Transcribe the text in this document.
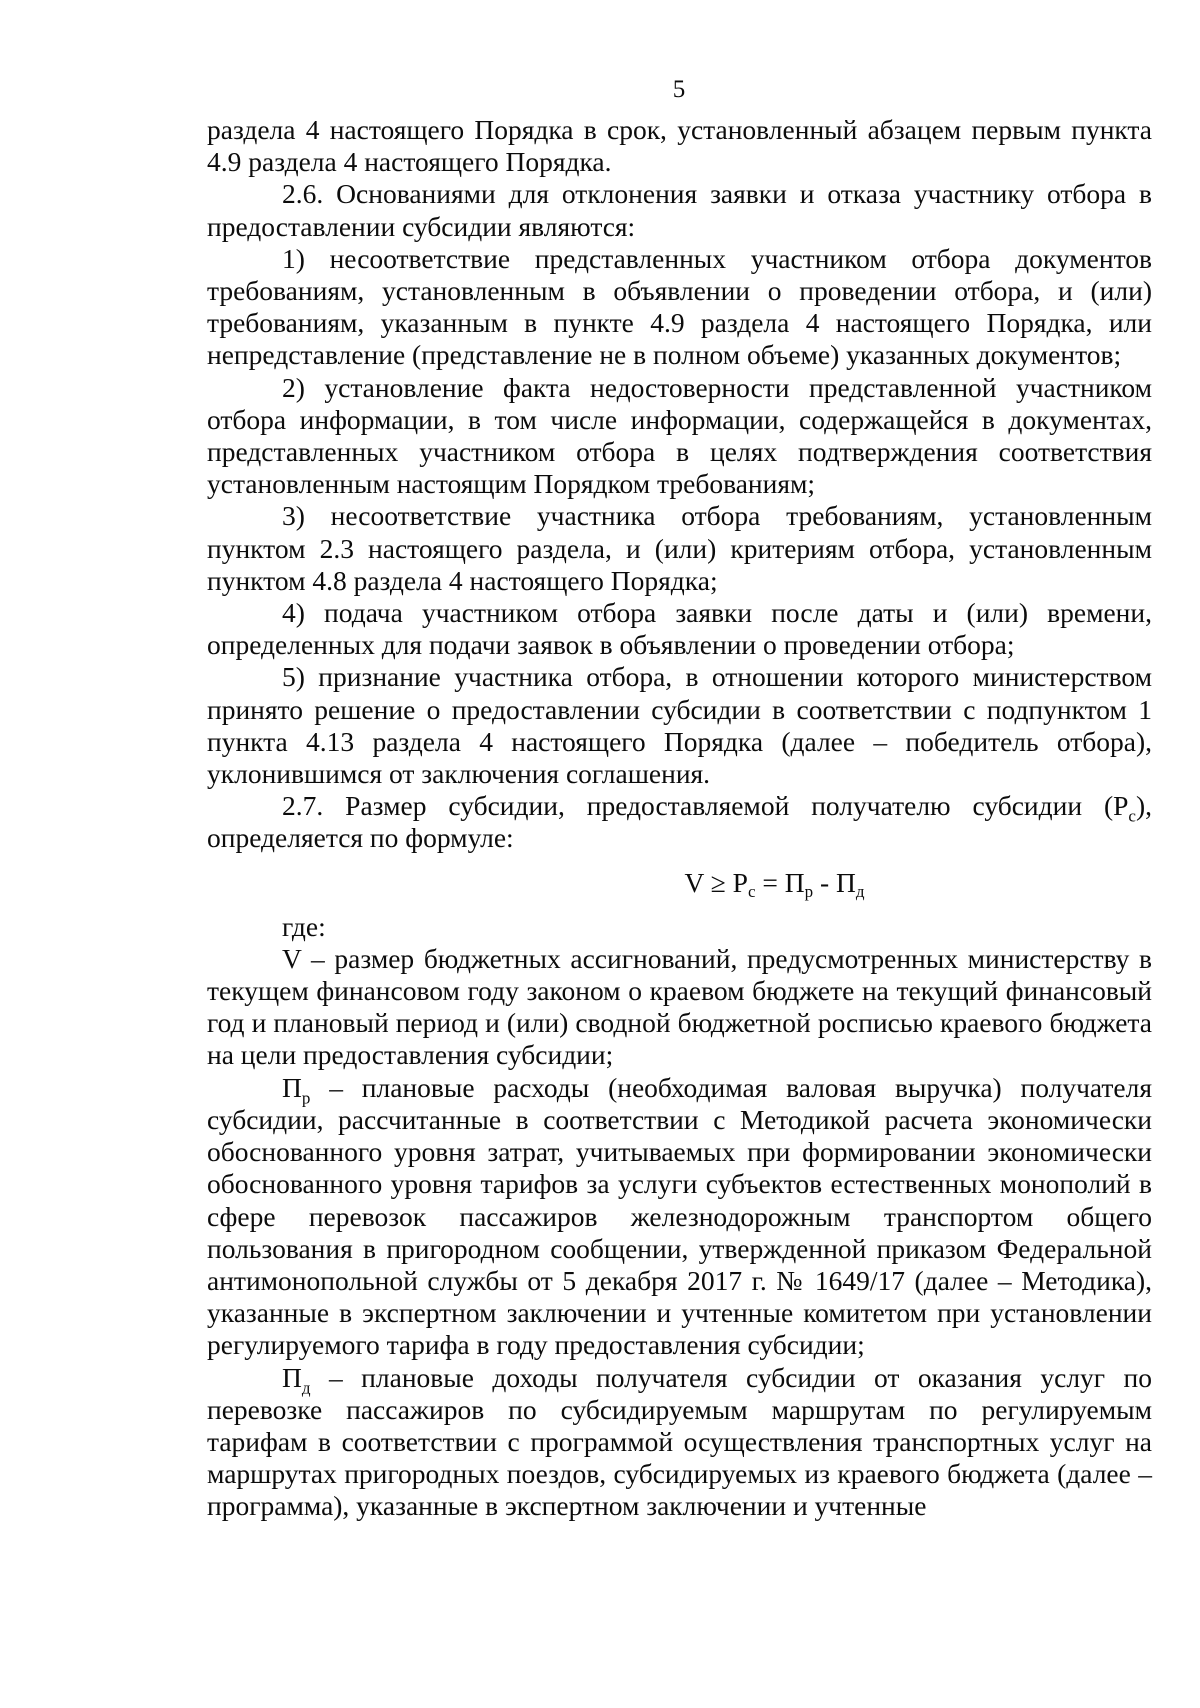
5

раздела 4 настоящего Порядка в срок, установленный абзацем первым пункта 4.9 раздела 4 настоящего Порядка.

2.6. Основаниями для отклонения заявки и отказа участнику отбора в предоставлении субсидии являются:

1) несоответствие представленных участником отбора документов требованиям, установленным в объявлении о проведении отбора, и (или) требованиям, указанным в пункте 4.9 раздела 4 настоящего Порядка, или непредставление (представление не в полном объеме) указанных документов;

2) установление факта недостоверности представленной участником отбора информации, в том числе информации, содержащейся в документах, представленных участником отбора в целях подтверждения соответствия установленным настоящим Порядком требованиям;

3) несоответствие участника отбора требованиям, установленным пунктом 2.3 настоящего раздела, и (или) критериям отбора, установленным пунктом 4.8 раздела 4 настоящего Порядка;

4) подача участником отбора заявки после даты и (или) времени, определенных для подачи заявок в объявлении о проведении отбора;

5) признание участника отбора, в отношении которого министерством принято решение о предоставлении субсидии в соответствии с подпунктом 1 пункта 4.13 раздела 4 настоящего Порядка (далее – победитель отбора), уклонившимся от заключения соглашения.

2.7. Размер субсидии, предоставляемой получателю субсидии $(Р_с)$, определяется по формуле:

$V \ge Р_с = П_р - П_д$

где:

V – размер бюджетных ассигнований, предусмотренных министерству в текущем финансовом году законом о краевом бюджете на текущий финансовый год и плановый период и (или) сводной бюджетной росписью краевого бюджета на цели предоставления субсидии;

$П_р$ – плановые расходы (необходимая валовая выручка) получателя субсидии, рассчитанные в соответствии с Методикой расчета экономически обоснованного уровня затрат, учитываемых при формировании экономически обоснованного уровня тарифов за услуги субъектов естественных монополий в сфере перевозок пассажиров железнодорожным транспортом общего пользования в пригородном сообщении, утвержденной приказом Федеральной антимонопольной службы от 5 декабря 2017 г. № 1649/17 (далее – Методика), указанные в экспертном заключении и учтенные комитетом при установлении регулируемого тарифа в году предоставления субсидии;

$П_д$ – плановые доходы получателя субсидии от оказания услуг по перевозке пассажиров по субсидируемым маршрутам по регулируемым тарифам в соответствии с программой осуществления транспортных услуг на маршрутах пригородных поездов, субсидируемых из краевого бюджета (далее – программа), указанные в экспертном заключении и учтенные
